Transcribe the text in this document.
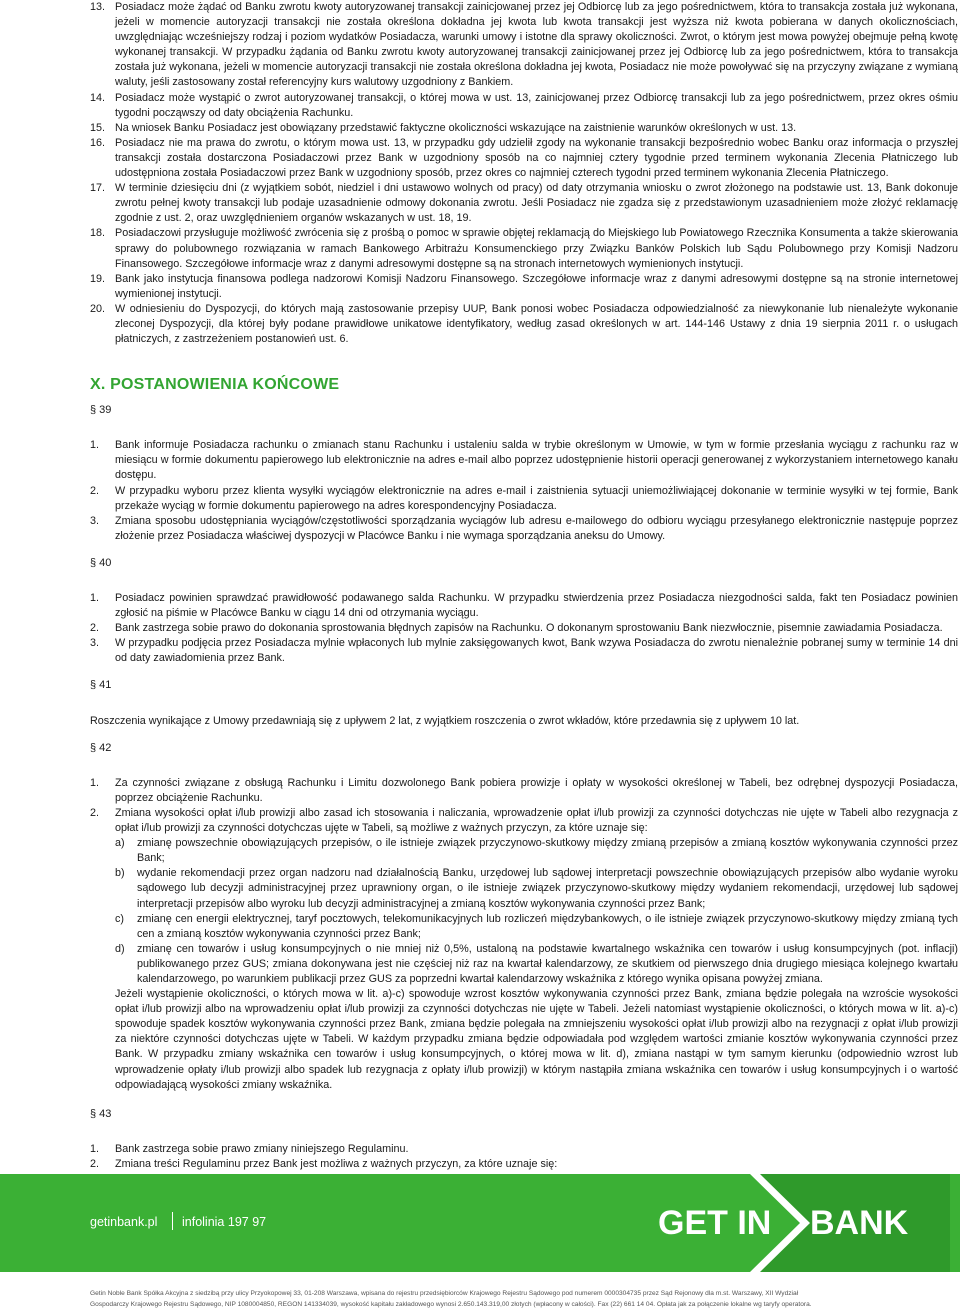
13. Posiadacz może żądać od Banku zwrotu kwoty autoryzowanej transakcji zainicjowanej przez jej Odbiorcę lub za jego pośrednictwem, która to transakcja została już wykonana, jeżeli w momencie autoryzacji transakcji nie została określona dokładna jej kwota lub kwota transakcji jest wyższa niż kwota pobierana w danych okolicznościach, uwzględniając wcześniejszy rodzaj i poziom wydatków Posiadacza, warunki umowy i istotne dla sprawy okoliczności. Zwrot, o którym jest mowa powyżej obejmuje pełną kwotę wykonanej transakcji. W przypadku żądania od Banku zwrotu kwoty autoryzowanej transakcji zainicjowanej przez jej Odbiorcę lub za jego pośrednictwem, która to transakcja została już wykonana, jeżeli w momencie autoryzacji transakcji nie została określona dokładna jej kwota, Posiadacz nie może powoływać się na przyczyny związane z wymianą waluty, jeśli zastosowany został referencyjny kurs walutowy uzgodniony z Bankiem.
14. Posiadacz może wystąpić o zwrot autoryzowanej transakcji, o której mowa w ust. 13, zainicjowanej przez Odbiorcę transakcji lub za jego pośrednictwem, przez okres ośmiu tygodni począwszy od daty obciążenia Rachunku.
15. Na wniosek Banku Posiadacz jest obowiązany przedstawić faktyczne okoliczności wskazujące na zaistnienie warunków określonych w ust. 13.
16. Posiadacz nie ma prawa do zwrotu, o którym mowa ust. 13, w przypadku gdy udzielił zgody na wykonanie transakcji bezpośrednio wobec Banku oraz informacja o przyszłej transakcji została dostarczona Posiadaczowi przez Bank w uzgodniony sposób na co najmniej cztery tygodnie przed terminem wykonania Zlecenia Płatniczego lub udostępniona została Posiadaczowi przez Bank w uzgodniony sposób, przez okres co najmniej czterech tygodni przed terminem wykonania Zlecenia Płatniczego.
17. W terminie dziesięciu dni (z wyjątkiem sobót, niedziel i dni ustawowo wolnych od pracy) od daty otrzymania wniosku o zwrot złożonego na podstawie ust. 13, Bank dokonuje zwrotu pełnej kwoty transakcji lub podaje uzasadnienie odmowy dokonania zwrotu. Jeśli Posiadacz nie zgadza się z przedstawionym uzasadnieniem może złożyć reklamację zgodnie z ust. 2, oraz uwzględnieniem organów wskazanych w ust. 18, 19.
18. Posiadaczowi przysługuje możliwość zwrócenia się z prośbą o pomoc w sprawie objętej reklamacją do Miejskiego lub Powiatowego Rzecznika Konsumenta a także skierowania sprawy do polubownego rozwiązania w ramach Bankowego Arbitrażu Konsumenckiego przy Związku Banków Polskich lub Sądu Polubownego przy Komisji Nadzoru Finansowego. Szczegółowe informacje wraz z danymi adresowymi dostępne są na stronach internetowych wymienionych instytucji.
19. Bank jako instytucja finansowa podlega nadzorowi Komisji Nadzoru Finansowego. Szczegółowe informacje wraz z danymi adresowymi dostępne są na stronie internetowej wymienionej instytucji.
20. W odniesieniu do Dyspozycji, do których mają zastosowanie przepisy UUP, Bank ponosi wobec Posiadacza odpowiedzialność za niewykonanie lub nienależyte wykonanie zleconej Dyspozycji, dla której były podane prawidłowe unikatowe identyfikatory, według zasad określonych w art. 144-146 Ustawy z dnia 19 sierpnia 2011 r. o usługach płatniczych, z zastrzeżeniem postanowień ust. 6.
X. POSTANOWIENIA KOŃCOWE
§ 39
1. Bank informuje Posiadacza rachunku o zmianach stanu Rachunku i ustaleniu salda w trybie określonym w Umowie, w tym w formie przesłania wyciągu z rachunku raz w miesiącu w formie dokumentu papierowego lub elektronicznie na adres e-mail albo poprzez udostępnienie historii operacji generowanej z wykorzystaniem internetowego kanału dostępu.
2. W przypadku wyboru przez klienta wysyłki wyciągów elektronicznie na adres e-mail i zaistnienia sytuacji uniemożliwiającej dokonanie w terminie wysyłki w tej formie, Bank przekaże wyciąg w formie dokumentu papierowego na adres korespondencyjny Posiadacza.
3. Zmiana sposobu udostępniania wyciągów/częstotliwości sporządzania wyciągów lub adresu e-mailowego do odbioru wyciągu przesyłanego elektronicznie następuje poprzez złożenie przez Posiadacza właściwej dyspozycji w Placówce Banku i nie wymaga sporządzania aneksu do Umowy.
§ 40
1. Posiadacz powinien sprawdzać prawidłowość podawanego salda Rachunku. W przypadku stwierdzenia przez Posiadacza niezgodności salda, fakt ten Posiadacz powinien zgłosić na piśmie w Placówce Banku w ciągu 14 dni od otrzymania wyciągu.
2. Bank zastrzega sobie prawo do dokonania sprostowania błędnych zapisów na Rachunku. O dokonanym sprostowaniu Bank niezwłocznie, pisemnie zawiadamia Posiadacza.
3. W przypadku podjęcia przez Posiadacza mylnie wpłaconych lub mylnie zaksięgowanych kwot, Bank wzywa Posiadacza do zwrotu nienależnie pobranej sumy w terminie 14 dni od daty zawiadomienia przez Bank.
§ 41
Roszczenia wynikające z Umowy przedawniają się z upływem 2 lat, z wyjątkiem roszczenia o zwrot wkładów, które przedawnia się z upływem 10 lat.
§ 42
1. Za czynności związane z obsługą Rachunku i Limitu dozwolonego Bank pobiera prowizje i opłaty w wysokości określonej w Tabeli, bez odrębnej dyspozycji Posiadacza, poprzez obciążenie Rachunku.
2. Zmiana wysokości opłat i/lub prowizji albo zasad ich stosowania i naliczania, wprowadzenie opłat i/lub prowizji za czynności dotychczas nie ujęte w Tabeli albo rezygnacja z opłat i/lub prowizji za czynności dotychczas ujęte w Tabeli, są możliwe z ważnych przyczyn, za które uznaje się:
a) zmianę powszechnie obowiązujących przepisów, o ile istnieje związek przyczynowo-skutkowy między zmianą przepisów a zmianą kosztów wykonywania czynności przez Bank;
b) wydanie rekomendacji przez organ nadzoru nad działalnością Banku, urzędowej lub sądowej interpretacji powszechnie obowiązujących przepisów albo wydanie wyroku sądowego lub decyzji administracyjnej przez uprawniony organ, o ile istnieje związek przyczynowo-skutkowy między wydaniem rekomendacji, urzędowej lub sądowej interpretacji przepisów albo wyroku lub decyzji administracyjnej a zmianą kosztów wykonywania czynności przez Bank;
c) zmianę cen energii elektrycznej, taryf pocztowych, telekomunikacyjnych lub rozliczeń międzybankowych, o ile istnieje związek przyczynowo-skutkowy między zmianą tych cen a zmianą kosztów wykonywania czynności przez Bank;
d) zmianę cen towarów i usług konsumpcyjnych o nie mniej niż 0,5%, ustaloną na podstawie kwartalnego wskaźnika cen towarów i usług konsumpcyjnych (pot. inflacji) publikowanego przez GUS; zmiana dokonywana jest nie częściej niż raz na kwartał kalendarzowy, ze skutkiem od pierwszego dnia drugiego miesiąca kolejnego kwartału kalendarzowego, po warunkiem publikacji przez GUS za poprzedni kwartał kalendarzowy wskaźnika z którego wynika opisana powyżej zmiana.
Jeżeli wystąpienie okoliczności, o których mowa w lit. a)-c) spowoduje wzrost kosztów wykonywania czynności przez Bank, zmiana będzie polegała na wzroście wysokości opłat i/lub prowizji albo na wprowadzeniu opłat i/lub prowizji za czynności dotychczas nie ujęte w Tabeli. Jeżeli natomiast wystąpienie okoliczności, o których mowa w lit. a)-c) spowoduje spadek kosztów wykonywania czynności przez Bank, zmiana będzie polegała na zmniejszeniu wysokości opłat i/lub prowizji albo na rezygnacji z opłat i/lub prowizji za niektóre czynności dotychczas ujęte w Tabeli. W każdym przypadku zmiana będzie odpowiadała pod względem wartości zmianie kosztów wykonywania czynności przez Bank. W przypadku zmiany wskaźnika cen towarów i usług konsumpcyjnych, o której mowa w lit. d), zmiana nastąpi w tym samym kierunku (odpowiednio wzrost lub wprowadzenie opłaty i/lub prowizji albo spadek lub rezygnacja z opłaty i/lub prowizji) w którym nastąpiła zmiana wskaźnika cen towarów i usług konsumpcyjnych i o wartość odpowiadającą wysokości zmiany wskaźnika.
§ 43
1. Bank zastrzega sobie prawo zmiany niniejszego Regulaminu.
2. Zmiana treści Regulaminu przez Bank jest możliwa z ważnych przyczyn, za które uznaje się:
getinbank.pl infolinia 197 97	GET IN BANK
Getin Noble Bank Spółka Akcyjna z siedzibą przy ulicy Przyokopowej 33, 01-208 Warszawa, wpisana do rejestru przedsiębiorców Krajowego Rejestru Sądowego pod numerem 0000304735 przez Sąd Rejonowy dla m.st. Warszawy, XII Wydział
Gospodarczy Krajowego Rejestru Sądowego, NIP 1080004850, REGON 141334039, wysokość kapitału zakładowego wynosi 2.650.143.319,00 złotych (wpłacony w całości). Fax (22) 661 14 04. Opłata jak za połączenie lokalne wg taryfy operatora.
